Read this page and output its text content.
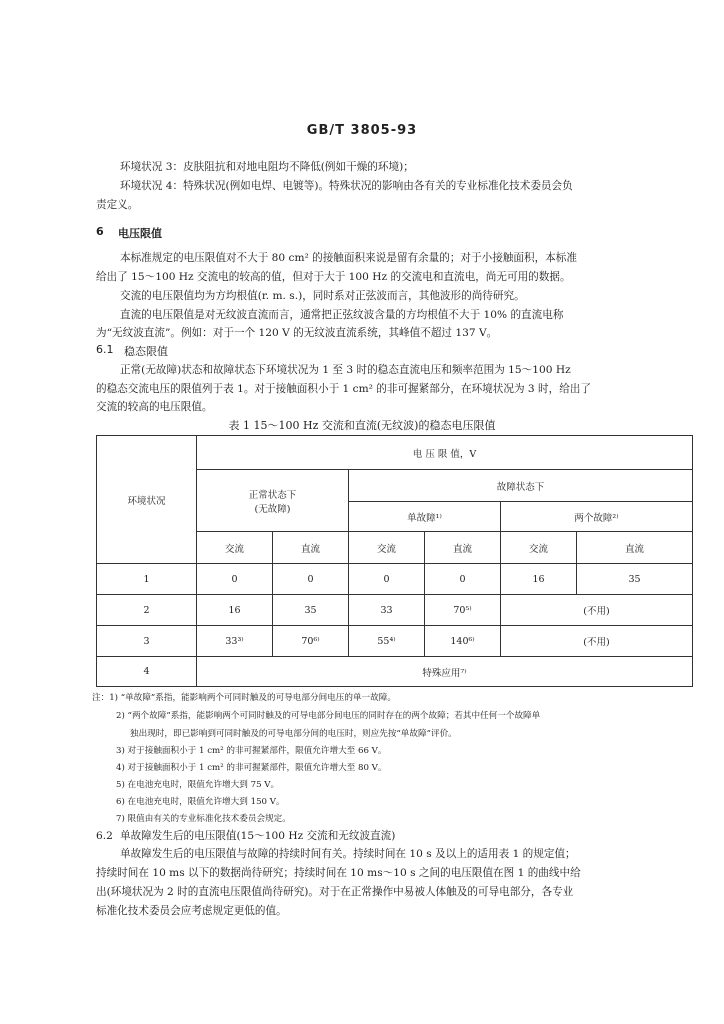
GB/T 3805-93
环境状况 3：皮肤阻抗和对地电阻均不降低(例如干燥的环境)；
环境状况 4：特殊状况(例如电焊、电镀等)。特殊状况的影响由各有关的专业标准化技术委员会负
责定义。
6 电压限值
本标准规定的电压限值对不大于 80 cm² 的接触面积来说是留有余量的；对于小接触面积，本标准
给出了 15～100 Hz 交流电的较高的值，但对于大于 100 Hz 的交流电和直流电，尚无可用的数据。
交流的电压限值均为方均根值(r. m. s.)，同时系对正弦波而言，其他波形的尚待研究。
直流的电压限值是对无纹波直流而言，通常把正弦纹波含量的方均根值不大于 10% 的直流电称
为“无纹波直流”。例如：对于一个 120 V 的无纹波直流系统，其峰值不超过 137 V。
6.1 稳态限值
正常(无故障)状态和故障状态下环境状况为 1 至 3 时的稳态直流电压和频率范围为 15～100 Hz
的稳态交流电压的限值列于表 1。对于接触面积小于 1 cm² 的非可握紧部分，在环境状况为 3 时，给出了
交流的较高的电压限值。
表 1 15～100 Hz 交流和直流(无纹波)的稳态电压限值
环境状况	电 压 限 值，V					

	正常状态下
(无故障)		故障状态下			
			单故障¹⁾		两个故障²⁾	
	交流	直流	交流	直流	交流	直流
1	0	0	0	0	16	35
2	16	35	33	70⁵⁾	(不用)	
3	33³⁾	70⁶⁾	55⁴⁾	140⁶⁾	(不用)	
4	特殊应用⁷⁾					
注：1) “单故障”系指，能影响两个可同时触及的可导电部分间电压的单一故障。
2) “两个故障”系指，能影响两个可同时触及的可导电部分间电压的同时存在的两个故障；若其中任何一个故障单
独出现时，即已影响到可同时触及的可导电部分间的电压时，则应先按“单故障”评价。
3) 对于接触面积小于 1 cm² 的非可握紧部件，限值允许增大至 66 V。
4) 对于接触面积小于 1 cm² 的非可握紧部件，限值允许增大至 80 V。
5) 在电池充电时，限值允许增大到 75 V。
6) 在电池充电时，限值允许增大到 150 V。
7) 限值由有关的专业标准化技术委员会规定。
6.2 单故障发生后的电压限值(15～100 Hz 交流和无纹波直流)
单故障发生后的电压限值与故障的持续时间有关。持续时间在 10 s 及以上的适用表 1 的规定值；
持续时间在 10 ms 以下的数据尚待研究；持续时间在 10 ms～10 s 之间的电压限值在图 1 的曲线中给
出(环境状况为 2 时的直流电压限值尚待研究)。对于在正常操作中易被人体触及的可导电部分，各专业
标准化技术委员会应考虑规定更低的值。
